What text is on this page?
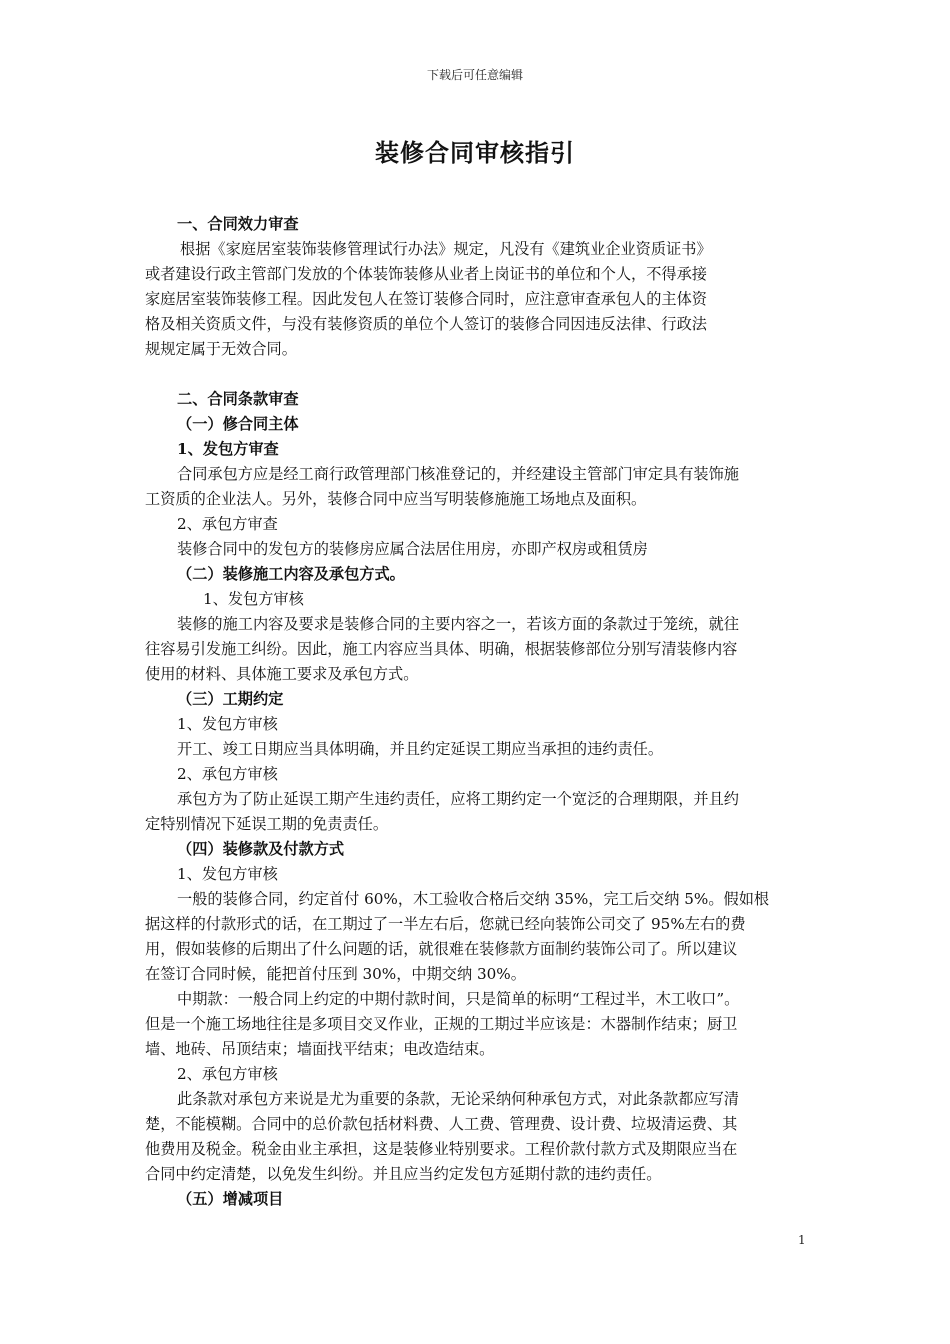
下载后可任意编辑
装修合同审核指引
一、合同效力审查
根据《家庭居室装饰装修管理试行办法》规定，凡没有《建筑业企业资质证书》
或者建设行政主管部门发放的个体装饰装修从业者上岗证书的单位和个人，不得承接
家庭居室装饰装修工程。因此发包人在签订装修合同时，应注意审查承包人的主体资
格及相关资质文件，与没有装修资质的单位个人签订的装修合同因违反法律、行政法
规规定属于无效合同。
二、合同条款审查
（一）修合同主体
1、发包方审查
合同承包方应是经工商行政管理部门核准登记的，并经建设主管部门审定具有装饰施
工资质的企业法人。另外，装修合同中应当写明装修施施工场地点及面积。
2、承包方审查
装修合同中的发包方的装修房应属合法居住用房，亦即产权房或租赁房
（二）装修施工内容及承包方式。
1、发包方审核
装修的施工内容及要求是装修合同的主要内容之一，若该方面的条款过于笼统，就往
往容易引发施工纠纷。因此，施工内容应当具体、明确，根据装修部位分别写清装修内容
使用的材料、具体施工要求及承包方式。
（三）工期约定
1、发包方审核
开工、竣工日期应当具体明确，并且约定延误工期应当承担的违约责任。
2、承包方审核
承包方为了防止延误工期产生违约责任，应将工期约定一个宽泛的合理期限，并且约
定特别情况下延误工期的免责责任。
（四）装修款及付款方式
1、发包方审核
一般的装修合同，约定首付 60%，木工验收合格后交纳 35%，完工后交纳 5%。假如根
据这样的付款形式的话，在工期过了一半左右后，您就已经向装饰公司交了 95%左右的费
用，假如装修的后期出了什么问题的话，就很难在装修款方面制约装饰公司了。所以建议
在签订合同时候，能把首付压到 30%，中期交纳 30%。
中期款：一般合同上约定的中期付款时间，只是简单的标明“工程过半，木工收口”。
但是一个施工场地往往是多项目交叉作业，正规的工期过半应该是：木器制作结束；厨卫
墙、地砖、吊顶结束；墙面找平结束；电改造结束。
2、承包方审核
此条款对承包方来说是尤为重要的条款，无论采纳何种承包方式，对此条款都应写清
楚，不能模糊。合同中的总价款包括材料费、人工费、管理费、设计费、垃圾清运费、其
他费用及税金。税金由业主承担，这是装修业特别要求。工程价款付款方式及期限应当在
合同中约定清楚，以免发生纠纷。并且应当约定发包方延期付款的违约责任。
（五）增减项目
1
